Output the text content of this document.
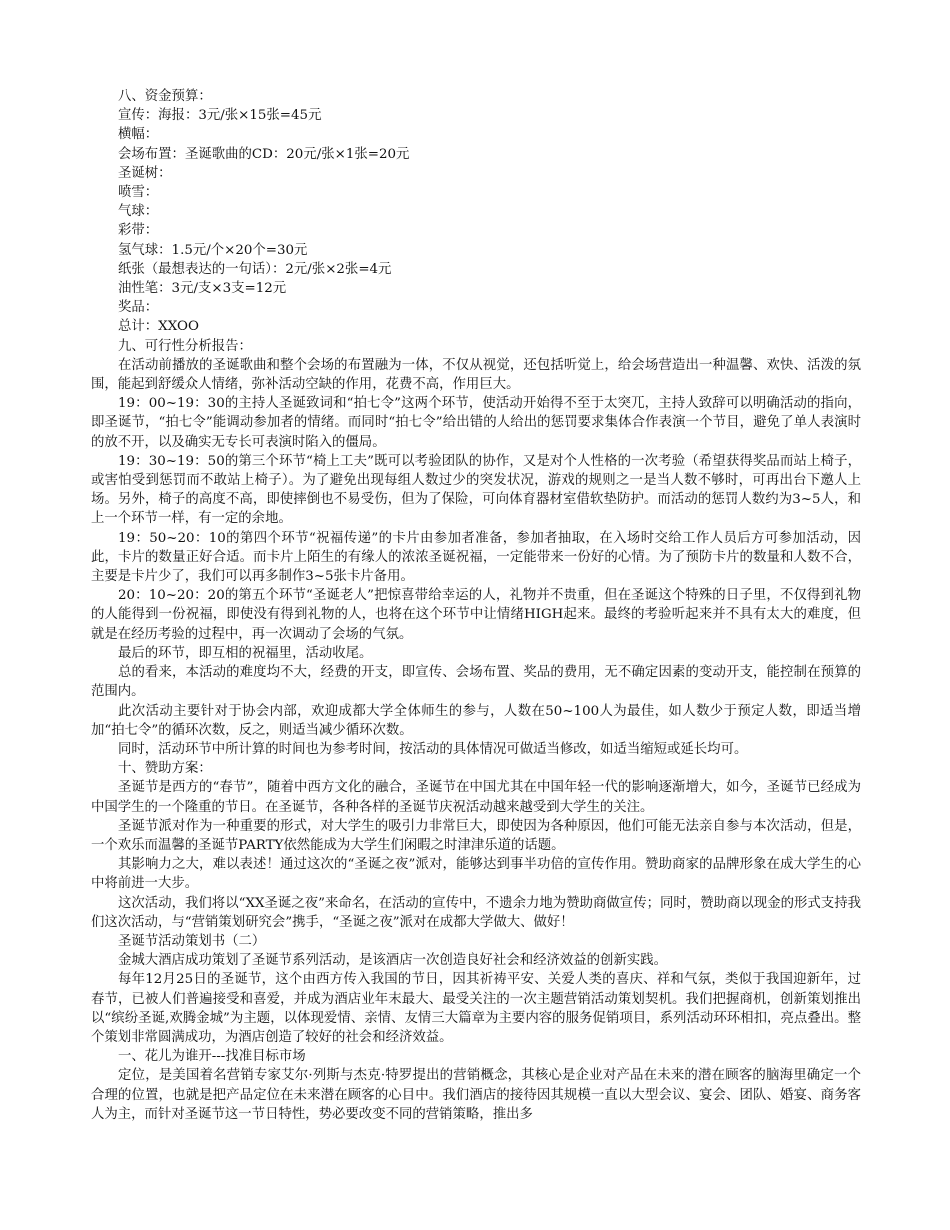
八、资金预算：

宣传：海报：3元/张×15张=45元

横幅：

会场布置：圣诞歌曲的CD：20元/张×1张=20元

圣诞树：

喷雪：

气球：

彩带：

氢气球：1.5元/个×20个=30元

纸张（最想表达的一句话）：2元/张×2张=4元

油性笔：3元/支×3支=12元

奖品：

总计：XXOO

九、可行性分析报告：

在活动前播放的圣诞歌曲和整个会场的布置融为一体，不仅从视觉，还包括听觉上，给会场营造出一种温馨、欢快、活泼的氛围，能起到舒缓众人情绪，弥补活动空缺的作用，花费不高，作用巨大。

19：00~19：30的主持人圣诞致词和“拍七令”这两个环节，使活动开始得不至于太突兀，主持人致辞可以明确活动的指向，即圣诞节，“拍七令”能调动参加者的情绪。而同时“拍七令”给出错的人给出的惩罚要求集体合作表演一个节目，避免了单人表演时的放不开，以及确实无专长可表演时陷入的僵局。

19：30~19：50的第三个环节“椅上工夫”既可以考验团队的协作，又是对个人性格的一次考验（希望获得奖品而站上椅子，或害怕受到惩罚而不敢站上椅子）。为了避免出现每组人数过少的突发状况，游戏的规则之一是当人数不够时，可再出台下邀人上场。另外，椅子的高度不高，即使摔倒也不易受伤，但为了保险，可向体育器材室借软垫防护。而活动的惩罚人数约为3~5人，和上一个环节一样，有一定的余地。

19：50~20：10的第四个环节“祝福传递”的卡片由参加者准备，参加者抽取，在入场时交给工作人员后方可参加活动，因此，卡片的数量正好合适。而卡片上陌生的有缘人的浓浓圣诞祝福，一定能带来一份好的心情。为了预防卡片的数量和人数不合，主要是卡片少了，我们可以再多制作3~5张卡片备用。

20：10~20：20的第五个环节“圣诞老人”把惊喜带给幸运的人，礼物并不贵重，但在圣诞这个特殊的日子里，不仅得到礼物的人能得到一份祝福，即使没有得到礼物的人，也将在这个环节中让情绪HIGH起来。最终的考验听起来并不具有太大的难度，但就是在经历考验的过程中，再一次调动了会场的气氛。

最后的环节，即互相的祝福里，活动收尾。

总的看来，本活动的难度均不大，经费的开支，即宣传、会场布置、奖品的费用，无不确定因素的变动开支，能控制在预算的范围内。

此次活动主要针对于协会内部，欢迎成都大学全体师生的参与，人数在50~100人为最佳，如人数少于预定人数，即适当增加“拍七令”的循环次数，反之，则适当减少循环次数。

同时，活动环节中所计算的时间也为参考时间，按活动的具体情况可做适当修改，如适当缩短或延长均可。

十、赞助方案：

圣诞节是西方的“春节”，随着中西方文化的融合，圣诞节在中国尤其在中国年轻一代的影响逐渐增大，如今，圣诞节已经成为中国学生的一个隆重的节日。在圣诞节，各种各样的圣诞节庆祝活动越来越受到大学生的关注。

圣诞节派对作为一种重要的形式，对大学生的吸引力非常巨大，即使因为各种原因，他们可能无法亲自参与本次活动，但是，一个欢乐而温馨的圣诞节PARTY依然能成为大学生们闲暇之时津津乐道的话题。

其影响力之大，难以表述！通过这次的“圣诞之夜”派对，能够达到事半功倍的宣传作用。赞助商家的品牌形象在成大学生的心中将前进一大步。

这次活动，我们将以“XX圣诞之夜”来命名，在活动的宣传中，不遗余力地为赞助商做宣传；同时，赞助商以现金的形式支持我们这次活动，与“营销策划研究会”携手，“圣诞之夜”派对在成都大学做大、做好！

圣诞节活动策划书（二）

金城大酒店成功策划了圣诞节系列活动，是该酒店一次创造良好社会和经济效益的创新实践。

每年12月25日的圣诞节，这个由西方传入我国的节日，因其祈祷平安、关爱人类的喜庆、祥和气氛，类似于我国迎新年，过春节，已被人们普遍接受和喜爱，并成为酒店业年末最大、最受关注的一次主题营销活动策划契机。我们把握商机，创新策划推出以“缤纷圣诞,欢腾金城”为主题，以体现爱情、亲情、友情三大篇章为主要内容的服务促销项目，系列活动环环相扣，亮点叠出。整个策划非常圆满成功，为酒店创造了较好的社会和经济效益。

一、花儿为谁开---找准目标市场

定位，是美国着名营销专家艾尔·列斯与杰克·特罗提出的营销概念，其核心是企业对产品在未来的潜在顾客的脑海里确定一个合理的位置，也就是把产品定位在未来潜在顾客的心目中。我们酒店的接待因其规模一直以大型会议、宴会、团队、婚宴、商务客人为主，而针对圣诞节这一节日特性，势必要改变不同的营销策略，推出多
